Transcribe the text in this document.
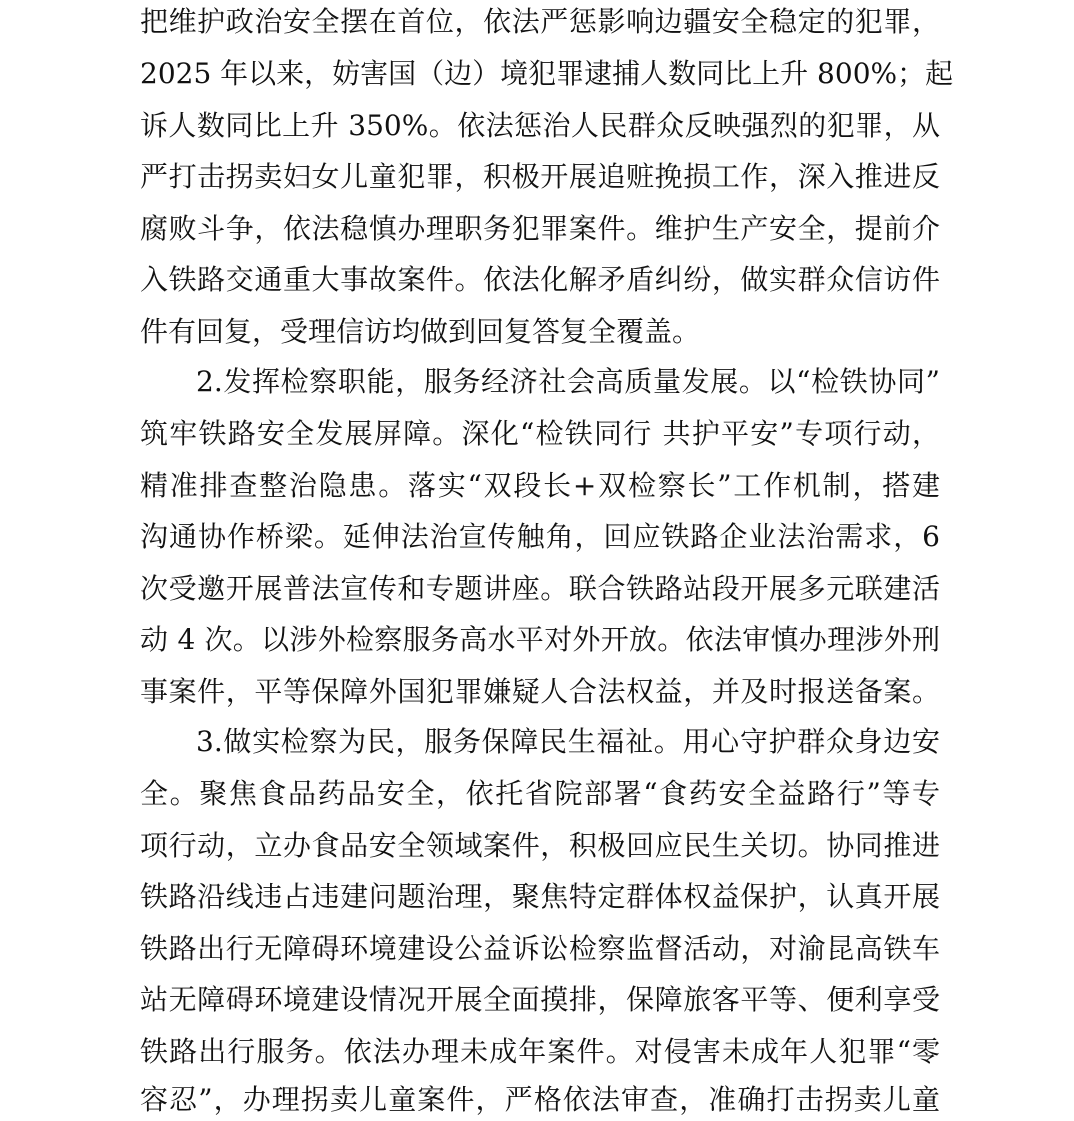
把维护政治安全摆在首位，依法严惩影响边疆安全稳定的犯罪，
2025 年以来，妨害国（边）境犯罪逮捕人数同比上升 800%；起
诉人数同比上升 350%。依法惩治人民群众反映强烈的犯罪，从
严打击拐卖妇女儿童犯罪，积极开展追赃挽损工作，深入推进反
腐败斗争，依法稳慎办理职务犯罪案件。维护生产安全，提前介
入铁路交通重大事故案件。依法化解矛盾纠纷，做实群众信访件
件有回复，受理信访均做到回复答复全覆盖。
2.发挥检察职能，服务经济社会高质量发展。以“检铁协同”
筑牢铁路安全发展屏障。深化“检铁同行 共护平安”专项行动，
精准排查整治隐患。落实“双段长+双检察长”工作机制，搭建
沟通协作桥梁。延伸法治宣传触角，回应铁路企业法治需求，6
次受邀开展普法宣传和专题讲座。联合铁路站段开展多元联建活
动 4 次。以涉外检察服务高水平对外开放。依法审慎办理涉外刑
事案件，平等保障外国犯罪嫌疑人合法权益，并及时报送备案。
3.做实检察为民，服务保障民生福祉。用心守护群众身边安
全。聚焦食品药品安全，依托省院部署“食药安全益路行”等专
项行动，立办食品安全领域案件，积极回应民生关切。协同推进
铁路沿线违占违建问题治理，聚焦特定群体权益保护，认真开展
铁路出行无障碍环境建设公益诉讼检察监督活动，对渝昆高铁车
站无障碍环境建设情况开展全面摸排，保障旅客平等、便利享受
铁路出行服务。依法办理未成年案件。对侵害未成年人犯罪“零
容忍”，办理拐卖儿童案件，严格依法审查，准确打击拐卖儿童
